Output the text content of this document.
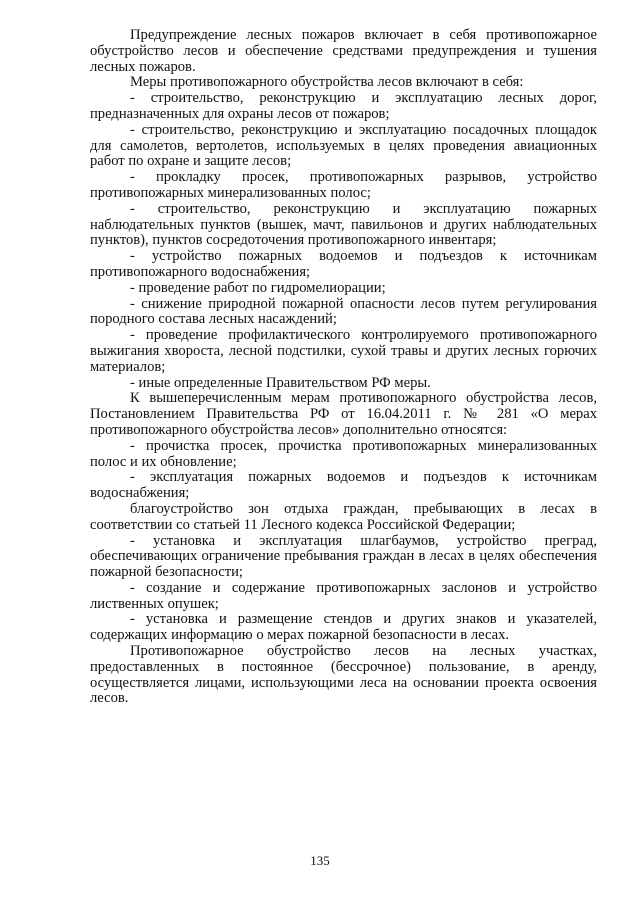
Предупреждение лесных пожаров включает в себя противопожарное обустройство лесов и обеспечение средствами предупреждения и тушения лесных пожаров.

Меры противопожарного обустройства лесов включают в себя:

- строительство, реконструкцию и эксплуатацию лесных дорог, предназначенных для охраны лесов от пожаров;

- строительство, реконструкцию и эксплуатацию посадочных площадок для самолетов, вертолетов, используемых в целях проведения авиационных работ по охране и защите лесов;

- прокладку просек, противопожарных разрывов, устройство противопожарных минерализованных полос;

- строительство, реконструкцию и эксплуатацию пожарных наблюдательных пунктов (вышек, мачт, павильонов и других наблюдательных пунктов), пунктов сосредоточения противопожарного инвентаря;

- устройство пожарных водоемов и подъездов к источникам противопожарного водоснабжения;

- проведение работ по гидромелиорации;

- снижение природной пожарной опасности лесов путем регулирования породного состава лесных насаждений;

- проведение профилактического контролируемого противопожарного выжигания хвороста, лесной подстилки, сухой травы и других лесных горючих материалов;

- иные определенные Правительством РФ меры.

К вышеперечисленным мерам противопожарного обустройства лесов, Постановлением Правительства РФ от 16.04.2011 г. № 281 «О мерах противопожарного обустройства лесов» дополнительно относятся:

- прочистка просек, прочистка противопожарных минерализованных полос и их обновление;

- эксплуатация пожарных водоемов и подъездов к источникам водоснабжения;

благоустройство зон отдыха граждан, пребывающих в лесах в соответствии со статьей 11 Лесного кодекса Российской Федерации;

- установка и эксплуатация шлагбаумов, устройство преград, обеспечивающих ограничение пребывания граждан в лесах в целях обеспечения пожарной безопасности;

- создание и содержание противопожарных заслонов и устройство лиственных опушек;

- установка и размещение стендов и других знаков и указателей, содержащих информацию о мерах пожарной безопасности в лесах.

Противопожарное обустройство лесов на лесных участках, предоставленных в постоянное (бессрочное) пользование, в аренду, осуществляется лицами, использующими леса на основании проекта освоения лесов.

135
